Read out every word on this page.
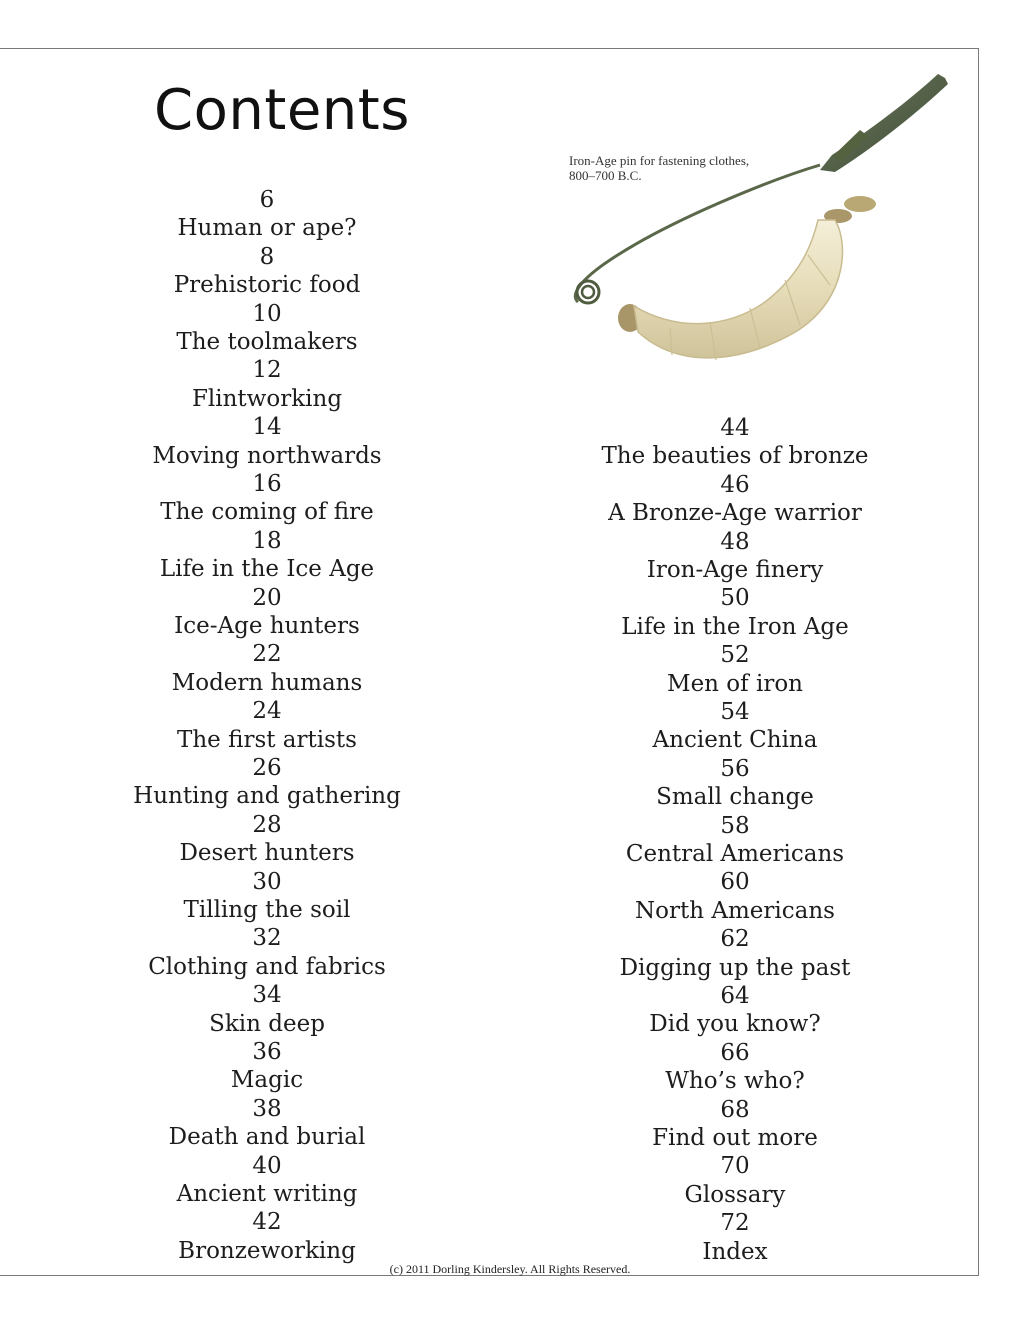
Contents
Iron-Age pin for fastening clothes, 800–700 B.C.
6
Human or ape?
8
Prehistoric food
10
The toolmakers
12
Flintworking
14
Moving northwards
16
The coming of fire
18
Life in the Ice Age
20
Ice-Age hunters
22
Modern humans
24
The first artists
26
Hunting and gathering
28
Desert hunters
30
Tilling the soil
32
Clothing and fabrics
34
Skin deep
36
Magic
38
Death and burial
40
Ancient writing
42
Bronzeworking
44
The beauties of bronze
46
A Bronze-Age warrior
48
Iron-Age finery
50
Life in the Iron Age
52
Men of iron
54
Ancient China
56
Small change
58
Central Americans
60
North Americans
62
Digging up the past
64
Did you know?
66
Who’s who?
68
Find out more
70
Glossary
72
Index
(c) 2011 Dorling Kindersley. All Rights Reserved.
